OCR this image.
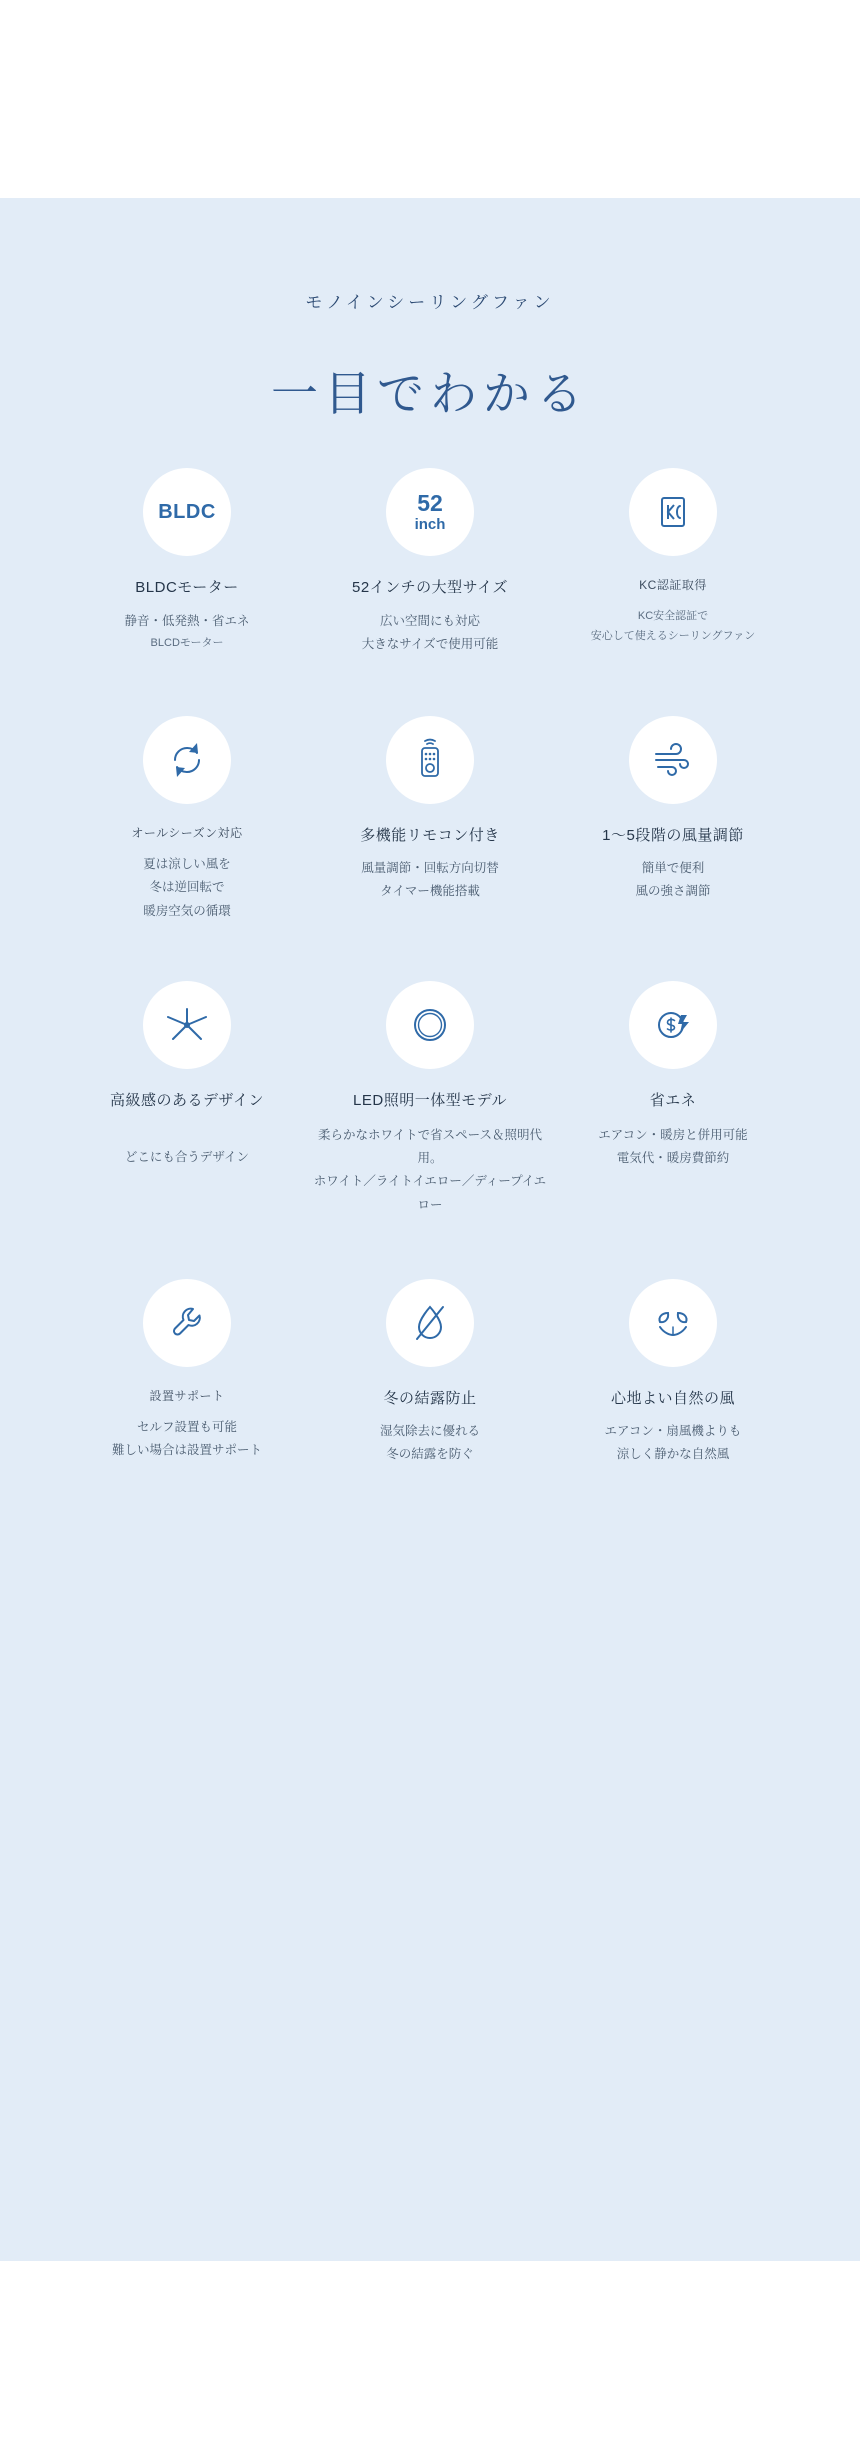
モノインシーリングファン

一目でわかる
BLDC

BLDCモーター

静音・低発熱・省エネ

BLCDモーター

52
inch

52インチの大型サイズ

広い空間にも対応
大きなサイズで使用可能

KC認証取得

KC安全認証で
安心して使えるシーリングファン

オールシーズン対応

夏は涼しい風を
冬は逆回転で
暖房空気の循環

多機能リモコン付き

風量調節・回転方向切替
タイマー機能搭載

1〜5段階の風量調節

簡単で便利
風の強さ調節

高級感のあるデザイン	LED照明一体型モデル	省エネ

どこにも合うデザイン
柔らかなホワイトで省スペース＆照明代用。
ホワイト／ライトイエロー／ディープイエロー
エアコン・暖房と併用可能
電気代・暖房費節約

設置サポート

セルフ設置も可能
難しい場合は設置サポート

冬の結露防止

湿気除去に優れる
冬の結露を防ぐ

心地よい自然の風

エアコン・扇風機よりも
涼しく静かな自然風
